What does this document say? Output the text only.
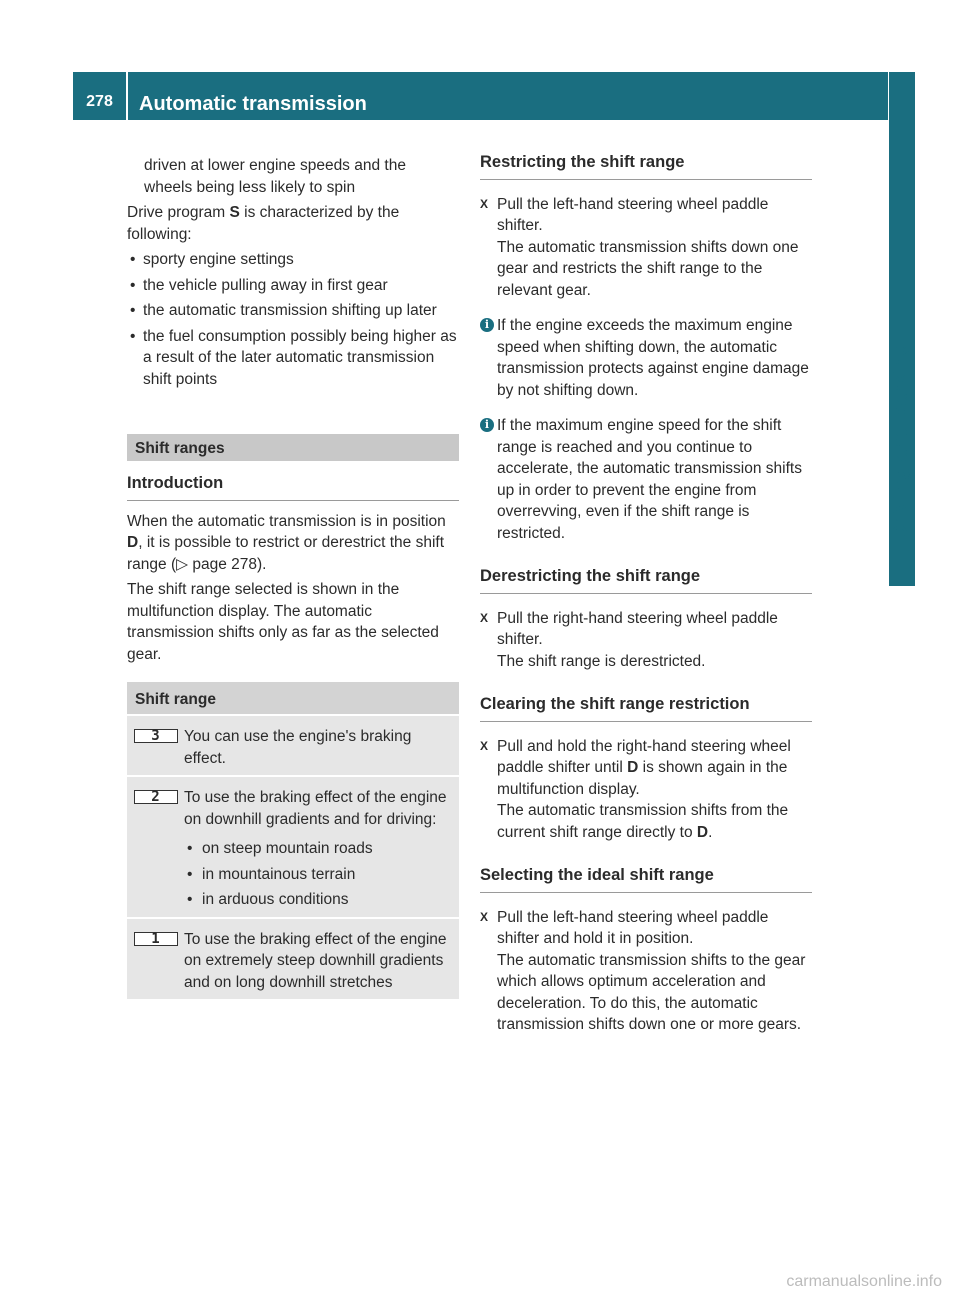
278	Automatic transmission
Driving and parking

driven at lower engine speeds and the

wheels being less likely to spin

Drive program S is characterized by the following:

• sporty engine settings

• the vehicle pulling away in first gear

• the automatic transmission shifting up later

• the fuel consumption possibly being higher as a result of the later automatic transmission shift points

Shift ranges
Introduction

When the automatic transmission is in position D, it is possible to restrict or derestrict the shift range (▷ page 278).

The shift range selected is shown in the multifunction display. The automatic transmission shifts only as far as the selected gear.

Shift range
3	You can use the engine's braking effect.

2	To use the braking effect of the engine on downhill gradients and for driving:

• on steep mountain roads

• in mountainous terrain

• in arduous conditions

1	To use the braking effect of the engine on extremely steep downhill gradients and on long downhill stretches

Restricting the shift range

X Pull the left-hand steering wheel paddle shifter.

The automatic transmission shifts down one gear and restricts the shift range to the relevant gear.

i If the engine exceeds the maximum engine speed when shifting down, the automatic transmission protects against engine damage by not shifting down.

i If the maximum engine speed for the shift range is reached and you continue to accelerate, the automatic transmission shifts up in order to prevent the engine from overrevving, even if the shift range is restricted.

Derestricting the shift range

X Pull the right-hand steering wheel paddle shifter.

The shift range is derestricted.

Clearing the shift range restriction

X Pull and hold the right-hand steering wheel paddle shifter until D is shown again in the multifunction display.

The automatic transmission shifts from the current shift range directly to D.

Selecting the ideal shift range

X Pull the left-hand steering wheel paddle shifter and hold it in position.

The automatic transmission shifts to the gear which allows optimum acceleration and deceleration. To do this, the automatic transmission shifts down one or more gears.

carmanualsonline.info
